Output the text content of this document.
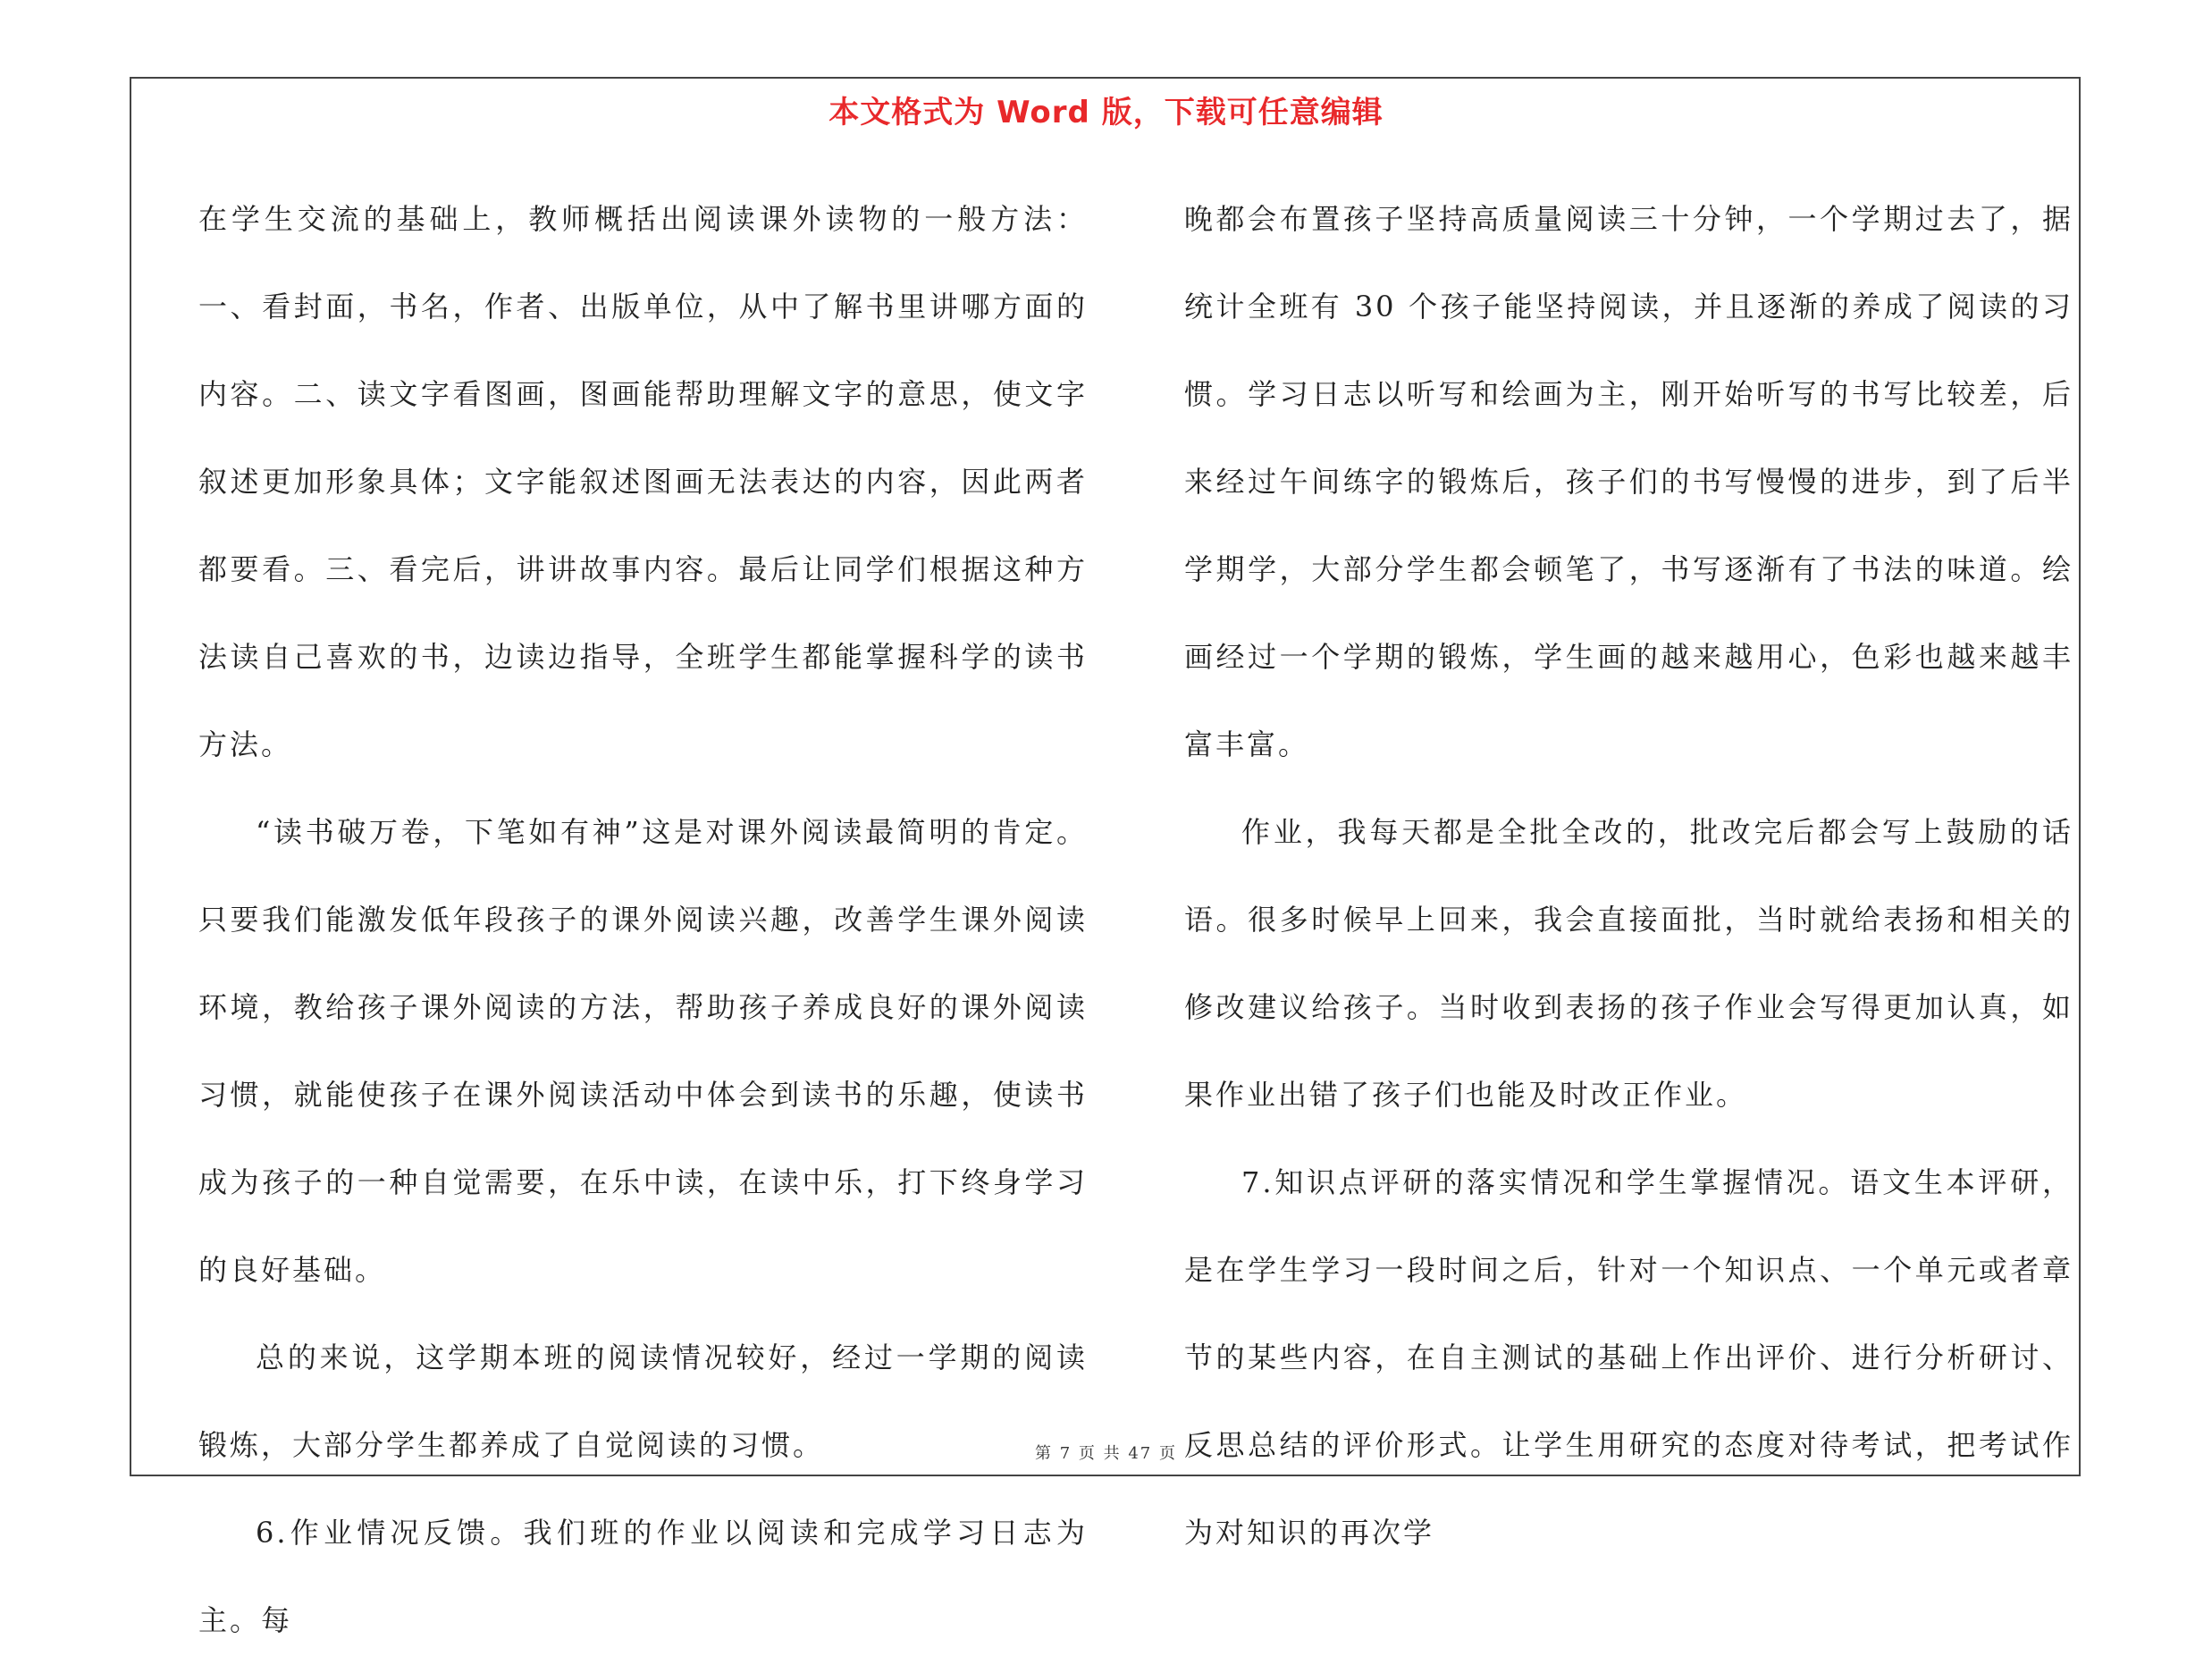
本文格式为 Word 版，下载可任意编辑

在学生交流的基础上，教师概括出阅读课外读物的一般方法：一、看封面，书名，作者、出版单位，从中了解书里讲哪方面的内容。二、读文字看图画，图画能帮助理解文字的意思，使文字叙述更加形象具体；文字能叙述图画无法表达的内容，因此两者都要看。三、看完后，讲讲故事内容。最后让同学们根据这种方法读自己喜欢的书，边读边指导，全班学生都能掌握科学的读书方法。

“读书破万卷，下笔如有神”这是对课外阅读最简明的肯定。只要我们能激发低年段孩子的课外阅读兴趣，改善学生课外阅读环境，教给孩子课外阅读的方法，帮助孩子养成良好的课外阅读习惯，就能使孩子在课外阅读活动中体会到读书的乐趣，使读书成为孩子的一种自觉需要，在乐中读，在读中乐，打下终身学习的良好基础。

总的来说，这学期本班的阅读情况较好，经过一学期的阅读锻炼，大部分学生都养成了自觉阅读的习惯。

6.作业情况反馈。我们班的作业以阅读和完成学习日志为主。每

晚都会布置孩子坚持高质量阅读三十分钟，一个学期过去了，据统计全班有 30 个孩子能坚持阅读，并且逐渐的养成了阅读的习惯。学习日志以听写和绘画为主，刚开始听写的书写比较差，后来经过午间练字的锻炼后，孩子们的书写慢慢的进步，到了后半学期学，大部分学生都会顿笔了，书写逐渐有了书法的味道。绘画经过一个学期的锻炼，学生画的越来越用心，色彩也越来越丰富丰富。

作业，我每天都是全批全改的，批改完后都会写上鼓励的话语。很多时候早上回来，我会直接面批，当时就给表扬和相关的修改建议给孩子。当时收到表扬的孩子作业会写得更加认真，如果作业出错了孩子们也能及时改正作业。

7.知识点评研的落实情况和学生掌握情况。语文生本评研，是在学生学习一段时间之后，针对一个知识点、一个单元或者章节的某些内容，在自主测试的基础上作出评价、进行分析研讨、反思总结的评价形式。让学生用研究的态度对待考试，把考试作为对知识的再次学

第 7 页 共 47 页
